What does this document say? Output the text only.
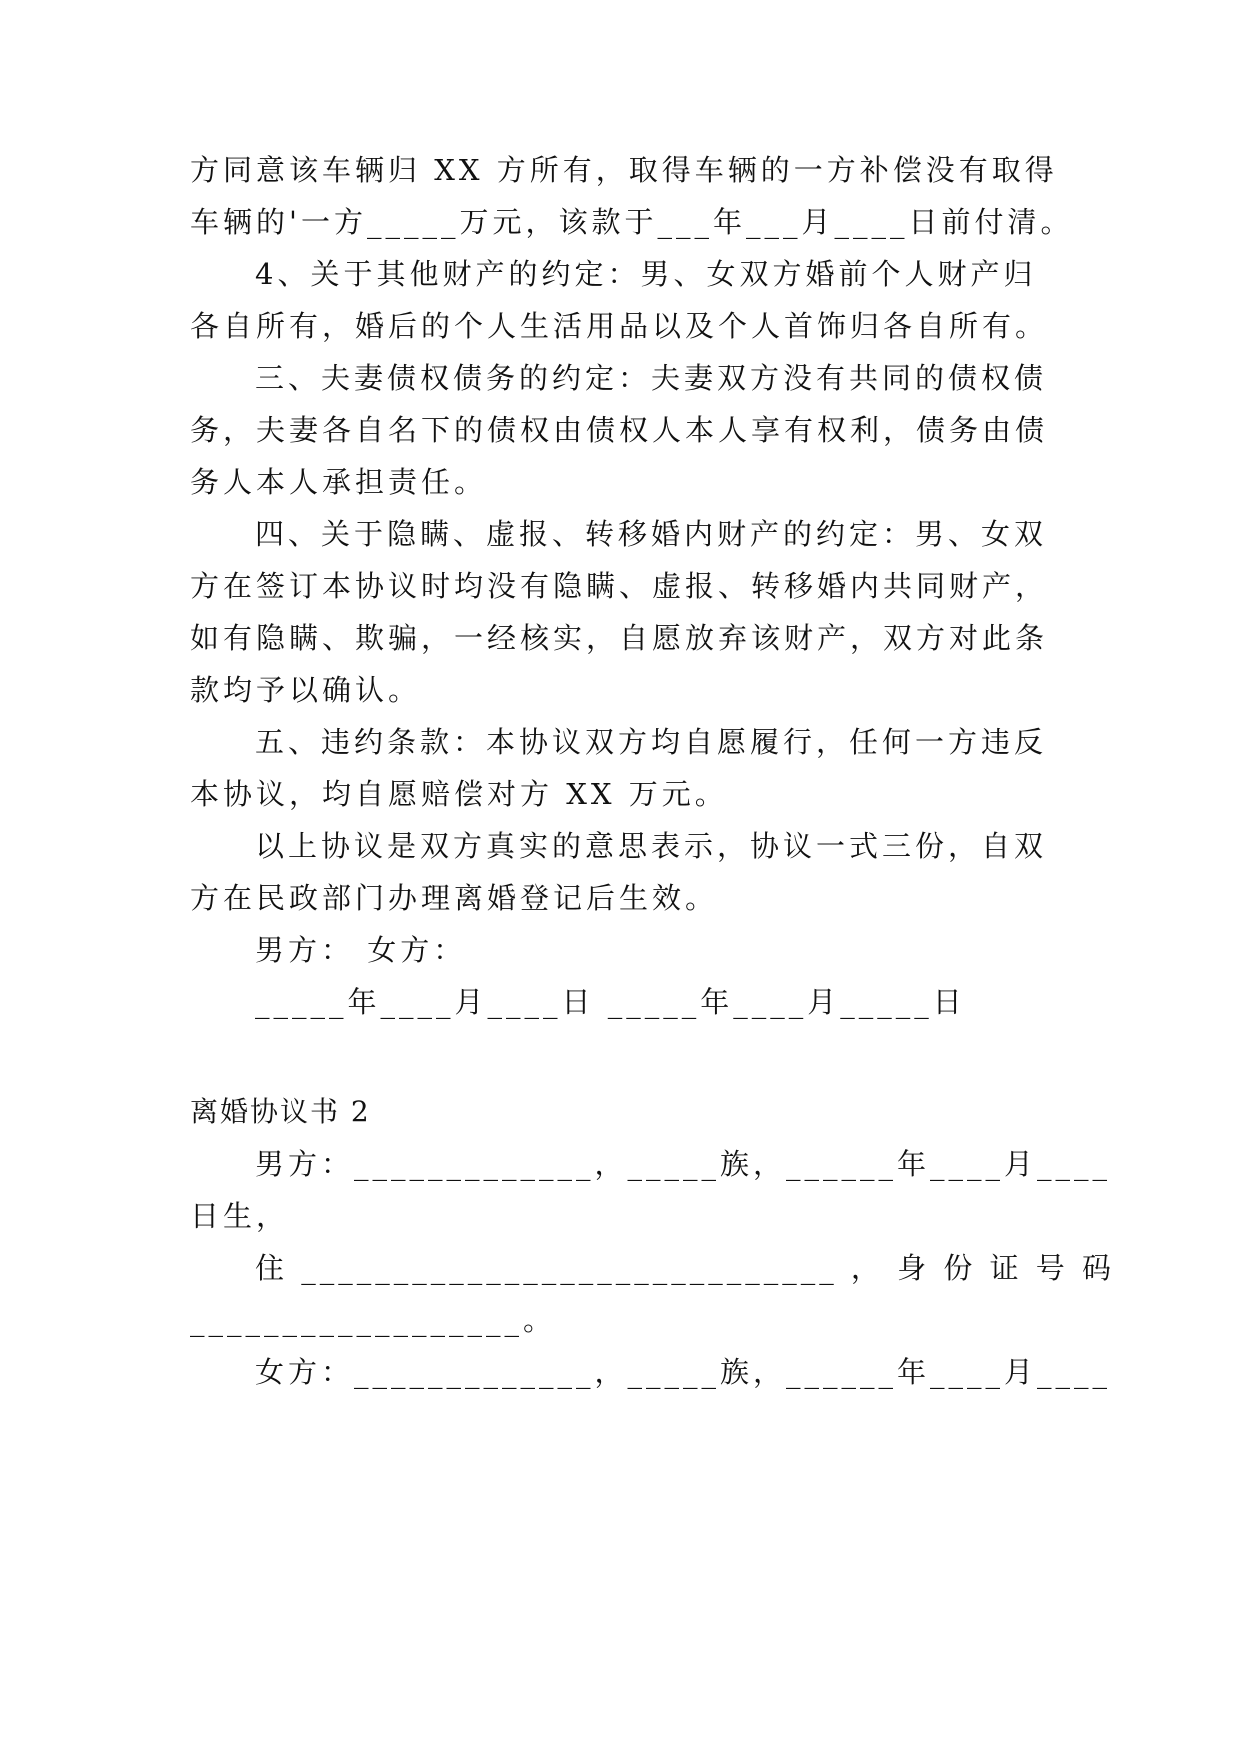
方同意该车辆归 XX 方所有，取得车辆的一方补偿没有取得
车辆的'一方_____万元，该款于___年___月____日前付清。
4、关于其他财产的约定：男、女双方婚前个人财产归
各自所有，婚后的个人生活用品以及个人首饰归各自所有。
三、夫妻债权债务的约定：夫妻双方没有共同的债权债
务，夫妻各自名下的债权由债权人本人享有权利，债务由债
务人本人承担责任。
四、关于隐瞒、虚报、转移婚内财产的约定：男、女双
方在签订本协议时均没有隐瞒、虚报、转移婚内共同财产，
如有隐瞒、欺骗，一经核实，自愿放弃该财产，双方对此条
款均予以确认。
五、违约条款：本协议双方均自愿履行，任何一方违反
本协议，均自愿赔偿对方 XX 万元。
以上协议是双方真实的意思表示，协议一式三份，自双
方在民政部门办理离婚登记后生效。
男方： 女方：
_____年____月____日 _____年____月_____日
离婚协议书 2
男方：_____________，_____族，______年____月____
日生，
住 _____________________________ ， 身 份 证 号 码
__________________。
女方：_____________，_____族，______年____月____
